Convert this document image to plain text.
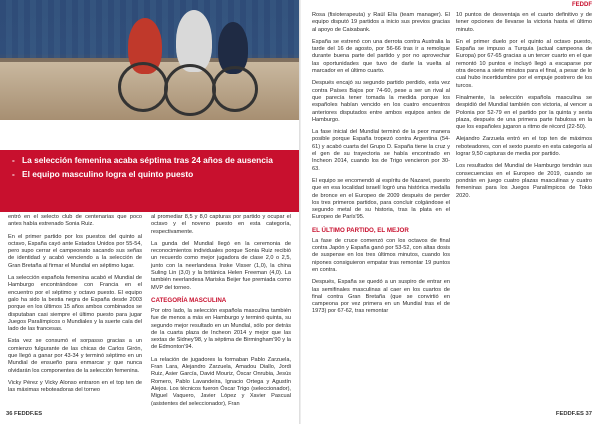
- La selección femenina acaba séptima tras 24 años de ausencia
- El equipo masculino logra el quinto puesto

entró en el selecto club de centenarias que poco antes había estrenado Sonia Ruiz.

En el primer partido por los puestos del quinto al octavo, España cayó ante Estados Unidos por 55-54, pero supo cerrar el campeonato sacando sus señas de identidad y acabó venciendo a la selección de Gran Bretaña al firmar el Mundial en séptimo lugar.

La selección española femenina acabó el Mundial de Hamburgo encontrándose con Francia en el encuentro por el séptimo y octavo puesto. El equipo galo ha sido la bestia negra de España desde 2003 porque en los últimos 15 años ambos combinados se disputaban casi siempre el último puesto para jugar Juegos Paralímpicos o Mundiales y la suerte caía del lado de las francesas.

Esta vez se consumó el sorpasso gracias a un comienzo fulgurante de las chicas de Carlos Girón, que llegó a ganar por 43-34 y terminó séptimo en un Mundial de ensueño para enmarcar y que nunca olvidarán los componentes de la selección femenina.

Vicky Pérez y Vicky Alonso entraron en el top ten de las máximas reboteadoras del torneo

al promediar 8,5 y 8,0 capturas por partido y ocupar el octavo y el noveno puesto en esta categoría, respectivamente.

La gunda del Mundial llegó en la ceremonia de reconocimientos individuales porque Sonia Ruiz recibió un recuerdo como mejor jugadora de clase 2,0 o 2,5, junto con la neerlandesa Inske Visser (1,0), la china Suling Lin (3,0) y la británica Helen Freeman (4,0). La también neerlandesa Mariska Beijer fue premiada como MVP del torneo.

CATEGORÍA MASCULINA

Por otro lado, la selección española masculina también fue de menos a más en Hamburgo y terminó quinta, su segundo mejor resultado en un Mundial, sólo por detrás de la cuarta plaza de Incheon 2014 y mejor que las sextas de Sidney'98, y la séptima de Birmingham'90 y la de Edmonton'94.

La relación de jugadores la formaban Pablo Zarzuela, Fran Lara, Alejandro Zarzuela, Amadou Diallo, Jordi Ruiz, Asier García, David Mouriz, Óscar Onrubia, Jesús Romero, Pablo Lavandeira, Ignacio Ortega y Agustín Alejos. Los técnicos fueron Óscar Trigo (seleccionador), Miguel Vaquero, Javier López y Xavier Pascual (asistentes del seleccionador), Fran

FEDDF

Rosa (fisioterapeuta) y Raúl Elía (team manager). El equipo disputó 19 partidos a inicio sus previos gracias al apoyo de Caixabank.

España se estrenó con una derrota contra Australia la tarde del 16 de agosto, por 56-66 tras ir a remolque durante buena parte del partido y por no aprovechar las oportunidades que tuvo de darle la vuelta al marcador en el último cuarto.

Después encajó su segundo partido perdido, esta vez contra Países Bajos por 74-60, pese a ser un rival al que parecía tener tomada la medida porque los españoles habían vencido en los cuatro encuentros anteriores disputados entre ambos equipos antes de Hamburgo.

La fase inicial del Mundial terminó de la peor manera posible porque España tropezó contra Argentina (54-61) y acabó cuarta del Grupo D. España tiene la cruz y el gen de su trayectoria se había encontrado en Incheon 2014, cuando los de Trigo vencieron por 30-63.

El equipo se encomendó al espíritu de Nazaret, puesto que en esa localidad israelí logró una histórica medalla de bronce en el Europeo de 2009 después de perder los tres primeros partidos, para concluir colgándose el segundo metal de su historia, tras la plata en el Europeo de París'95.

EL ÚLTIMO PARTIDO, EL MEJOR

La fase de cruce comenzó con los octavos de final contra Japón y España ganó por 53-52, con altas dosis de suspense en los tres últimos minutos, cuando los nipones consiguieron empatar tras remontar 19 puntos en contra.

Después, España se quedó a un suspiro de entrar en las semifinales masculinas al caer en los cuartos de final contra Gran Bretaña (que se convirtió en campeona por vez primera en un Mundial tras el de 1973) por 67-62, tras remontar

10 puntos de desventaja en el cuarto definitivo y de tener opciones de llevarse la victoria hasta el último minuto.

En el primer duelo por el quinto al octavo puesto, España se impuso a Turquía (actual campeona de Europa) por 67-65 gracias a un tercer cuarto en el que remontó 10 puntos e incluyó llegó a escaparse por otra decena a siete minutos para el final, a pesar de lo cual hubo incertidumbre por el empuje postrero de los turcos.

Finalmente, la selección española masculina se despidió del Mundial también con victoria, al vencer a Polonia por 52-79 en el partido por la quinta y sexta plaza, después de una primera parte fabulosa en la que los españoles jugaron a ritmo de récord (22-50).

Alejandro Zarzuela entró en el top ten de máximos reboteadores, con el sexto puesto en esta categoría al lograr 9,50 capturas de media por partido.

Los resultados del Mundial de Hamburgo tendrán sus consecuencias en el Europeo de 2019, cuando se pondrán en juego cuatro plazas masculinas y cuatro femeninas para los Juegos Paralímpicos de Tokio 2020.

36 FEDDF.ES	FEDDF.ES 37
